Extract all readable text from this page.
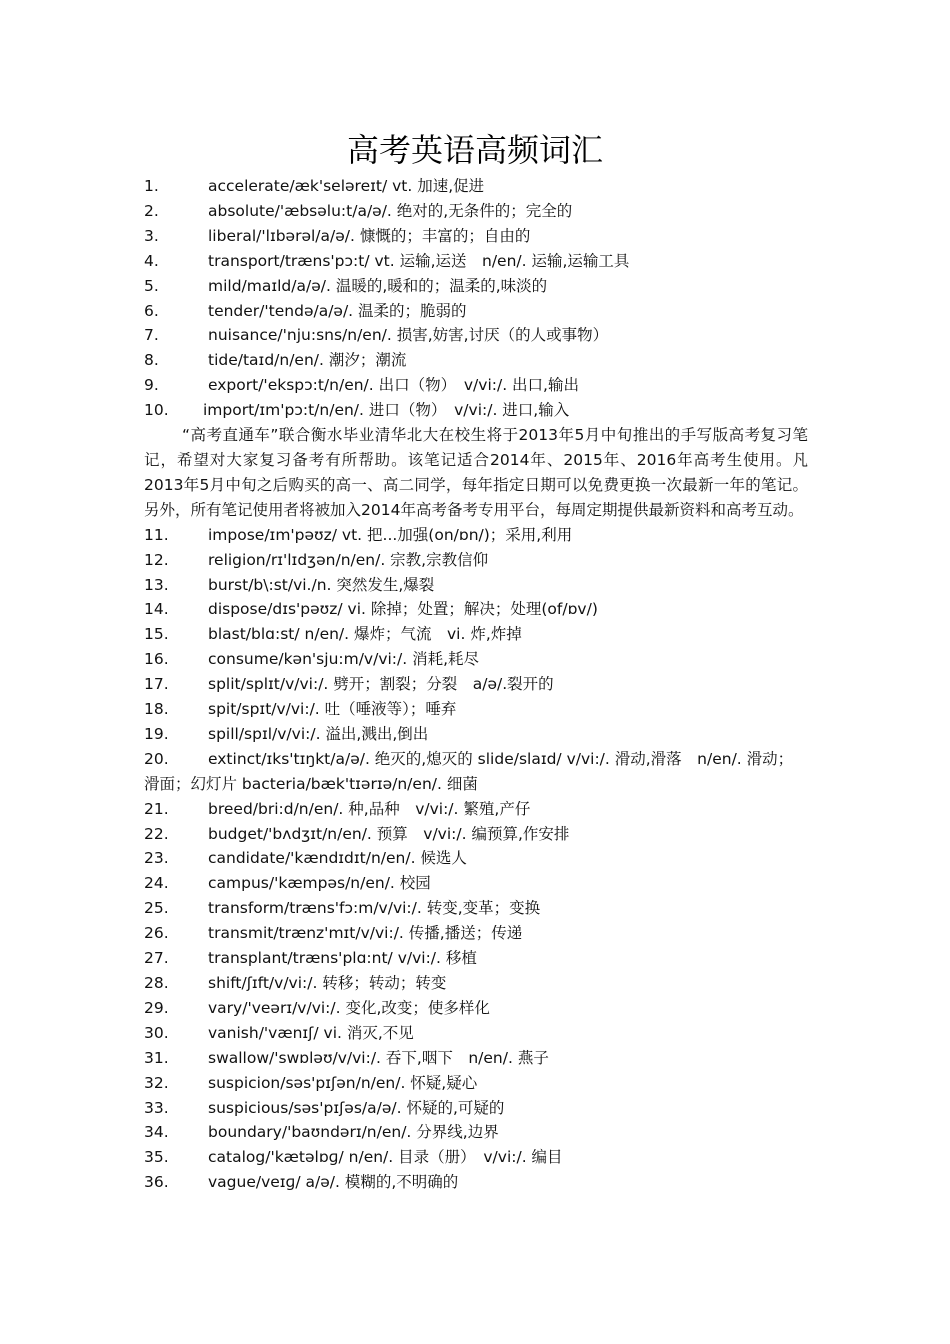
高考英语高频词汇
1.	accelerate/æk'seləreɪt/ vt. 加速,促进
2.	absolute/'æbsəlu:t/a/ə/. 绝对的,无条件的；完全的
3.	liberal/'lɪbərəl/a/ə/. 慷慨的；丰富的；自由的
4.	transport/træns'pɔ:t/ vt. 运输,运送　n/en/. 运输,运输工具
5.	mild/maɪld/a/ə/. 温暖的,暖和的；温柔的,味淡的
6.	tender/'tendə/a/ə/. 温柔的；脆弱的
7.	nuisance/'nju:sns/n/en/. 损害,妨害,讨厌（的人或事物）
8.	tide/taɪd/n/en/. 潮汐；潮流
9.	export/'ekspɔ:t/n/en/. 出口（物）　v/vi:/. 出口,输出
10. import/ɪm'pɔ:t/n/en/. 进口（物）　v/vi:/. 进口,输入
“高考直通车”联合衡水毕业清华北大在校生将于2013年5月中旬推出的手写版高考复习笔记，希望对大家复习备考有所帮助。该笔记适合2014年、2015年、2016年高考生使用。凡2013年5月中旬之后购买的高一、高二同学，每年指定日期可以免费更换一次最新一年的笔记。另外，所有笔记使用者将被加入2014年高考备考专用平台，每周定期提供最新资料和高考互动。
11.	impose/ɪm'pəʊz/ vt. 把...加强(on/ɒn/)；采用,利用
12.	religion/rɪ'lɪdʒən/n/en/. 宗教,宗教信仰
13.	burst/b\:st/vi./n. 突然发生,爆裂
14.	dispose/dɪs'pəʊz/ vi. 除掉；处置；解决；处理(of/ɒv/)
15.	blast/blɑ:st/ n/en/. 爆炸；气流　vi. 炸,炸掉
16.	consume/kən'sju:m/v/vi:/. 消耗,耗尽
17.	split/splɪt/v/vi:/. 劈开；割裂；分裂　a/ə/.裂开的
18.	spit/spɪt/v/vi:/. 吐（唾液等）；唾弃
19.	spill/spɪl/v/vi:/. 溢出,溅出,倒出
20.	extinct/ɪks'tɪŋkt/a/ə/. 绝灭的,熄灭的 slide/slaɪd/ v/vi:/. 滑动,滑落　n/en/. 滑动；滑面；幻灯片 bacteria/bæk'tɪərɪə/n/en/. 细菌
21.	breed/bri:d/n/en/. 种,品种　v/vi:/. 繁殖,产仔
22.	budget/'bʌdʒɪt/n/en/. 预算　v/vi:/. 编预算,作安排
23.	candidate/'kændɪdɪt/n/en/. 候选人
24.	campus/'kæmpəs/n/en/. 校园
25.	transform/træns'fɔ:m/v/vi:/. 转变,变革；变换
26.	transmit/trænz'mɪt/v/vi:/. 传播,播送；传递
27.	transplant/træns'plɑ:nt/ v/vi:/. 移植
28.	shift/ʃɪft/v/vi:/. 转移；转动；转变
29.	vary/'veərɪ/v/vi:/. 变化,改变；使多样化
30.	vanish/'vænɪʃ/ vi. 消灭,不见
31.	swallow/'swɒləʊ/v/vi:/. 吞下,咽下　n/en/. 燕子
32.	suspicion/səs'pɪʃən/n/en/. 怀疑,疑心
33.	suspicious/səs'pɪʃəs/a/ə/. 怀疑的,可疑的
34.	boundary/'baʊndərɪ/n/en/. 分界线,边界
35.	catalog/'kætəlɒɡ/ n/en/. 目录（册）　v/vi:/. 编目
36.	vague/veɪɡ/ a/ə/. 模糊的,不明确的
